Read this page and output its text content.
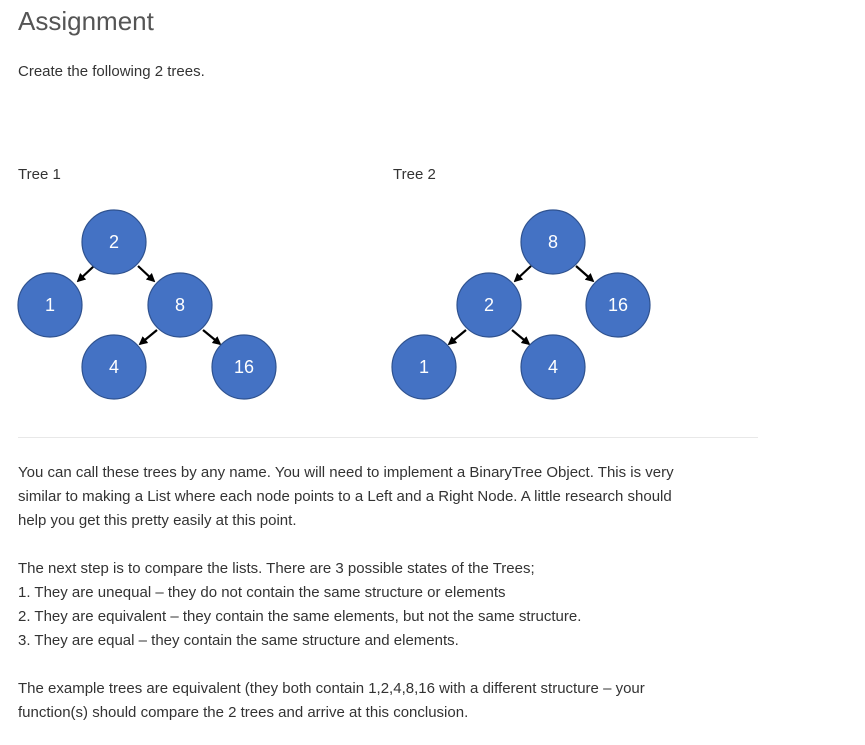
Assignment

Create the following 2 trees.

Tree 1	Tree 2

2
1	8
4	16
8
2	16
1	4

You can call these trees by any name. You will need to implement a BinaryTree Object. This is very
similar to making a List where each node points to a Left and a Right Node. A little research should
help you get this pretty easily at this point.

The next step is to compare the lists. There are 3 possible states of the Trees;
1. They are unequal – they do not contain the same structure or elements
2. They are equivalent – they contain the same elements, but not the same structure.
3. They are equal – they contain the same structure and elements.

The example trees are equivalent (they both contain 1,2,4,8,16 with a different structure – your
function(s) should compare the 2 trees and arrive at this conclusion.
